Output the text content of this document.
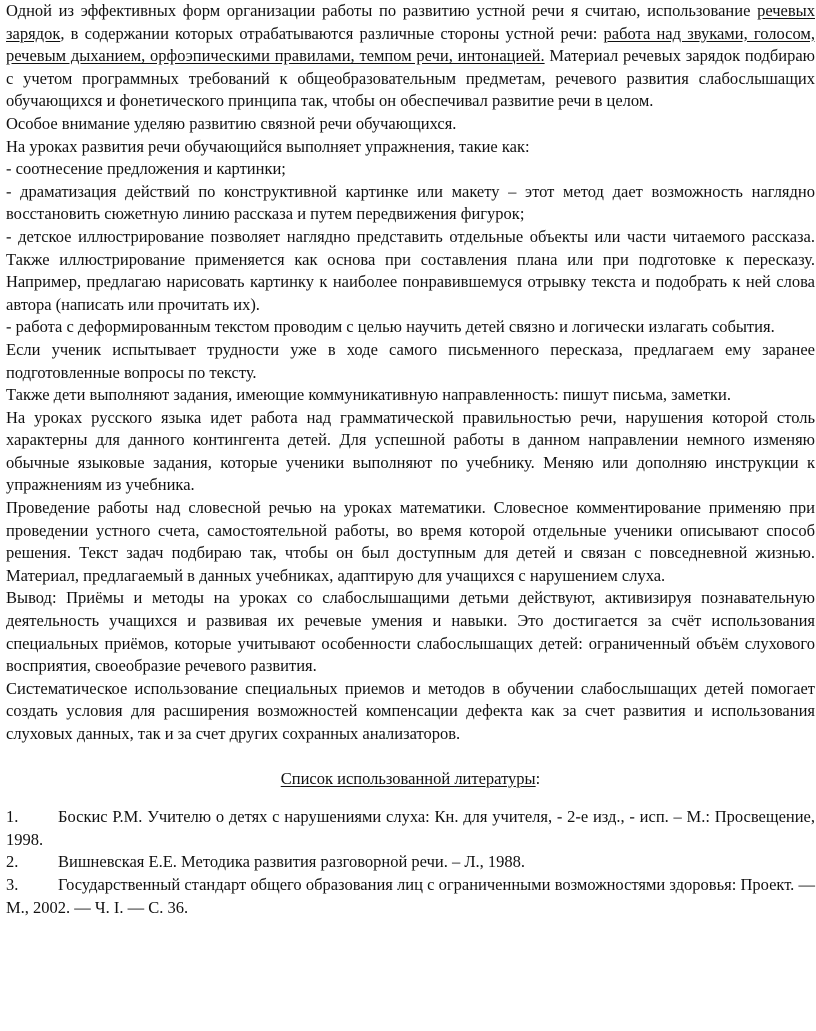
Одной из эффективных форм организации работы по развитию устной речи я считаю, использование речевых зарядок, в содержании которых отрабатываются различные стороны устной речи: работа над звуками, голосом, речевым дыханием, орфоэпическими правилами, темпом речи, интонацией. Материал речевых зарядок подбираю с учетом программных требований к общеобразовательным предметам, речевого развития слабослышащих обучающихся и фонетического принципа так, чтобы он обеспечивал развитие речи в целом.

Особое внимание уделяю развитию связной речи обучающихся.

На уроках развития речи обучающийся выполняет упражнения, такие как:

- соотнесение предложения и картинки;

- драматизация действий по конструктивной картинке или макету – этот метод дает возможность наглядно восстановить сюжетную линию рассказа и путем передвижения фигурок;

- детское иллюстрирование позволяет наглядно представить отдельные объекты или части читаемого рассказа. Также иллюстрирование применяется как основа при составления плана или при подготовке к пересказу. Например, предлагаю нарисовать картинку к наиболее понравившемуся отрывку текста и подобрать к ней слова автора (написать или прочитать их).

- работа с деформированным текстом проводим с целью научить детей связно и логически излагать события.

Если ученик испытывает трудности уже в ходе самого письменного пересказа, предлагаем ему заранее подготовленные вопросы по тексту.

Также дети выполняют задания, имеющие коммуникативную направленность: пишут письма, заметки.

На уроках русского языка идет работа над грамматической правильностью речи, нарушения которой столь характерны для данного контингента детей. Для успешной работы в данном направлении немного изменяю обычные языковые задания, которые ученики выполняют по учебнику. Меняю или дополняю инструкции к упражнениям из учебника.

Проведение работы над словесной речью на уроках математики. Словесное комментирование применяю при проведении устного счета, самостоятельной работы, во время которой отдельные ученики описывают способ решения. Текст задач подбираю так, чтобы он был доступным для детей и связан с повседневной жизнью. Материал, предлагаемый в данных учебниках, адаптирую для учащихся с нарушением слуха.

Вывод: Приёмы и методы на уроках со слабослышащими детьми действуют, активизируя познавательную деятельность учащихся и развивая их речевые умения и навыки. Это достигается за счёт использования специальных приёмов, которые учитывают особенности слабослышащих детей: ограниченный объём слухового восприятия, своеобразие речевого развития.

Систематическое использование специальных приемов и методов в обучении слабослышащих детей помогает создать условия для расширения возможностей компенсации дефекта как за счет развития и использования слуховых данных, так и за счет других сохранных анализаторов.

Список использованной литературы:

1. Боскис Р.М. Учителю о детях с нарушениями слуха: Кн. для учителя, - 2-е изд., - исп. – М.: Просвещение, 1998.

2. Вишневская Е.Е. Методика развития разговорной речи. – Л., 1988.

3. Государственный стандарт общего образования лиц с ограниченными возможностями здоровья: Проект. — М., 2002. — Ч. I. — С. 36.
